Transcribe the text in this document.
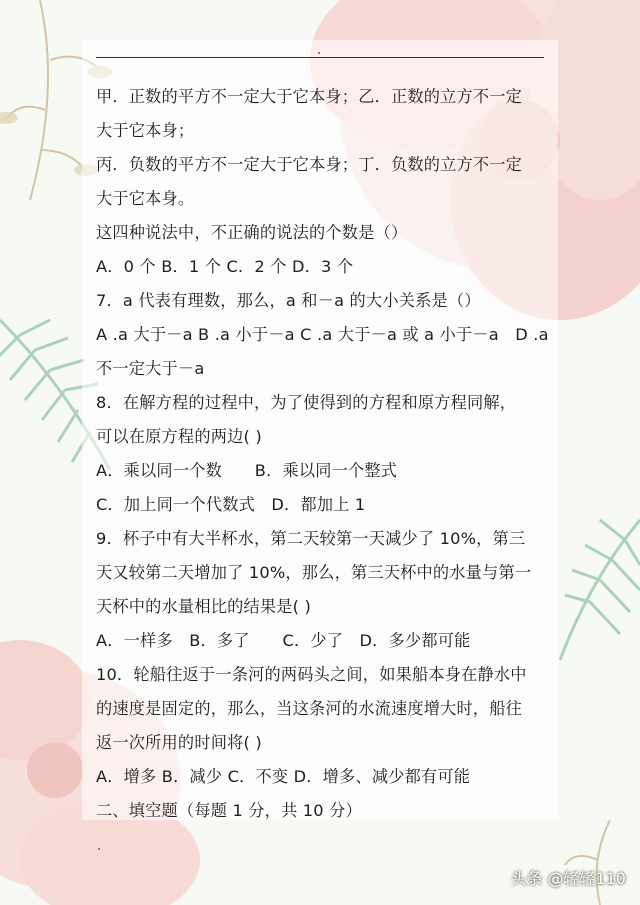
甲．正数的平方不一定大于它本身；乙．正数的立方不一定
大于它本身；
丙．负数的平方不一定大于它本身；丁．负数的立方不一定
大于它本身。
这四种说法中，不正确的说法的个数是（）
A．0 个 B．1 个 C．2 个 D．3 个
7．a 代表有理数，那么，a 和－a 的大小关系是（）
A .a 大于－a B .a 小于－a C .a 大于－a 或 a 小于－a　D .a
不一定大于－a
8．在解方程的过程中，为了使得到的方程和原方程同解，
可以在原方程的两边( )
A．乘以同一个数　　B．乘以同一个整式
C．加上同一个代数式　D．都加上 1
9．杯子中有大半杯水，第二天较第一天减少了 10%，第三
天又较第二天增加了 10%，那么，第三天杯中的水量与第一
天杯中的水量相比的结果是( )
A．一样多　B．多了　　C．少了　D．多少都可能
10．轮船往返于一条河的两码头之间，如果船本身在静水中
的速度是固定的，那么，当这条河的水流速度增大时，船往
返一次所用的时间将( )
A．增多 B．减少 C．不变 D．增多、减少都有可能
二、填空题（每题 1 分，共 10 分）
头条 @轻轻110
